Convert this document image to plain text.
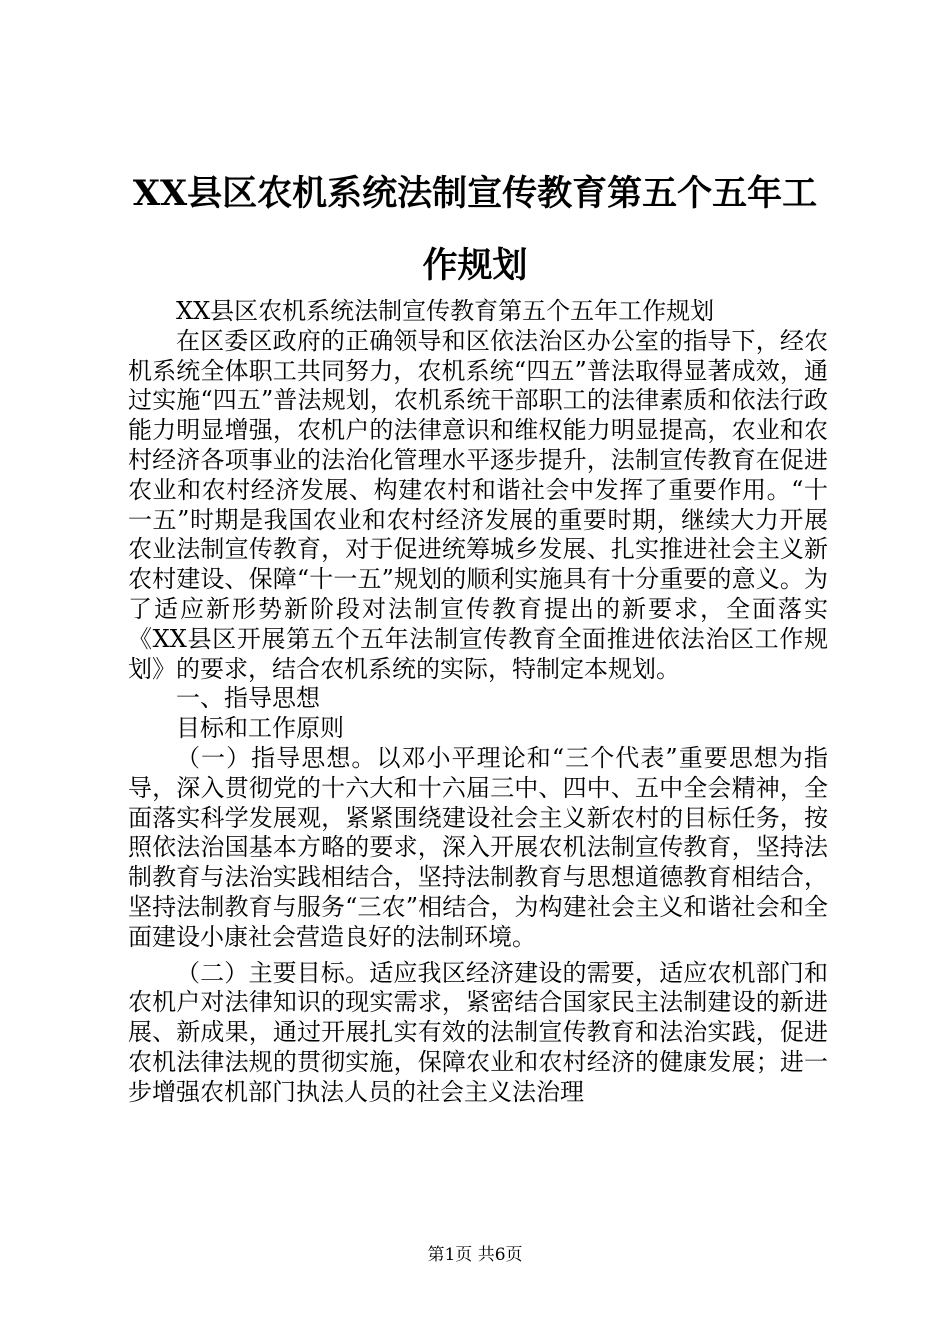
XX县区农机系统法制宣传教育第五个五年工
作规划

XX县区农机系统法制宣传教育第五个五年工作规划

在区委区政府的正确领导和区依法治区办公室的指导下，经农机系统全体职工共同努力，农机系统“四五”普法取得显著成效，通过实施“四五”普法规划，农机系统干部职工的法律素质和依法行政能力明显增强，农机户的法律意识和维权能力明显提高，农业和农村经济各项事业的法治化管理水平逐步提升，法制宣传教育在促进农业和农村经济发展、构建农村和谐社会中发挥了重要作用。“十一五”时期是我国农业和农村经济发展的重要时期，继续大力开展农业法制宣传教育，对于促进统筹城乡发展、扎实推进社会主义新农村建设、保障“十一五”规划的顺利实施具有十分重要的意义。为了适应新形势新阶段对法制宣传教育提出的新要求，全面落实《XX县区开展第五个五年法制宣传教育全面推进依法治区工作规划》的要求，结合农机系统的实际，特制定本规划。

一、指导思想

目标和工作原则

（一）指导思想。以邓小平理论和“三个代表”重要思想为指导，深入贯彻党的十六大和十六届三中、四中、五中全会精神，全面落实科学发展观，紧紧围绕建设社会主义新农村的目标任务，按照依法治国基本方略的要求，深入开展农机法制宣传教育，坚持法制教育与法治实践相结合，坚持法制教育与思想道德教育相结合，坚持法制教育与服务“三农”相结合，为构建社会主义和谐社会和全面建设小康社会营造良好的法制环境。

（二）主要目标。适应我区经济建设的需要，适应农机部门和农机户对法律知识的现实需求，紧密结合国家民主法制建设的新进展、新成果，通过开展扎实有效的法制宣传教育和法治实践，促进农机法律法规的贯彻实施，保障农业和农村经济的健康发展；进一步增强农机部门执法人员的社会主义法治理

第1页 共6页
